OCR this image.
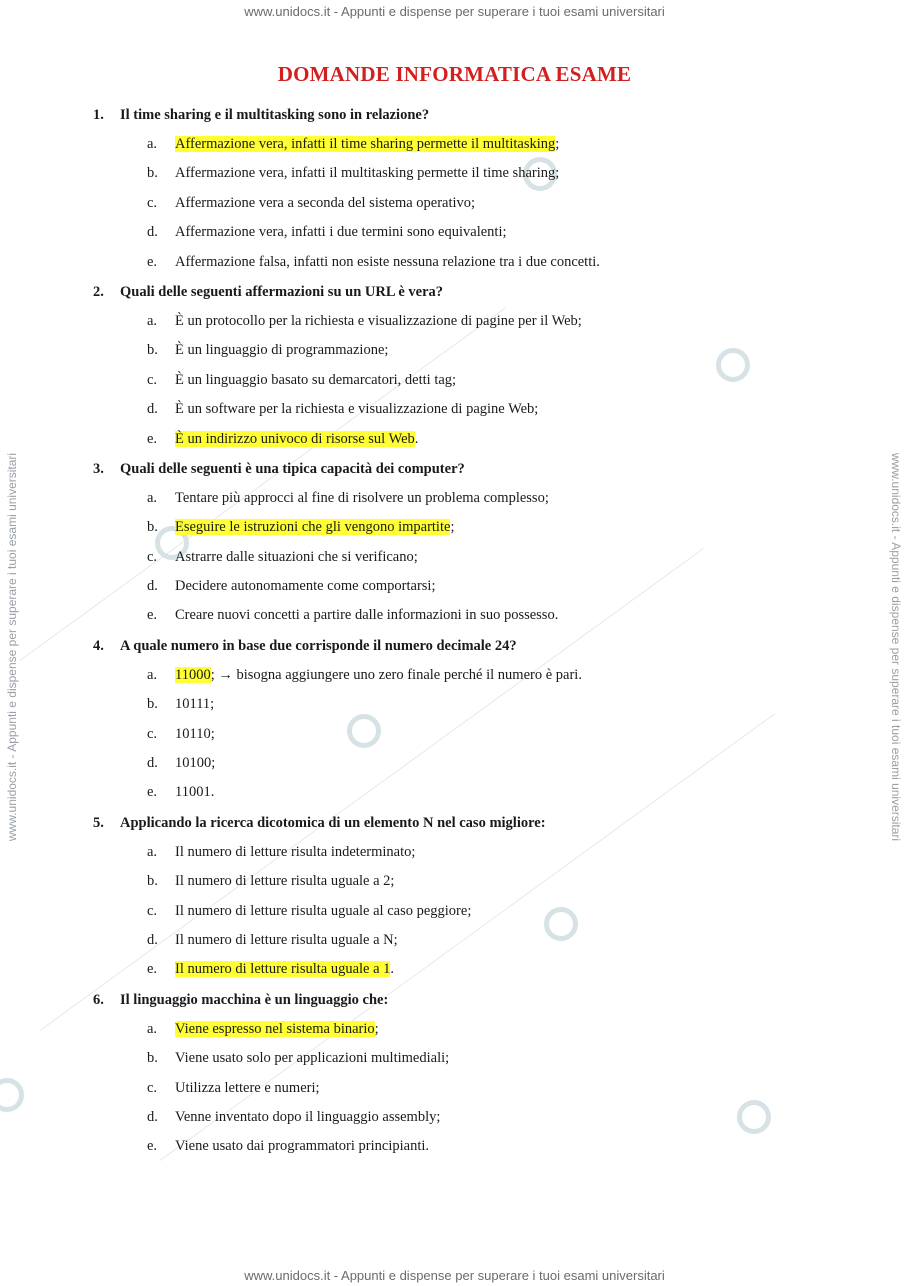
www.unidocs.it - Appunti e dispense per superare i tuoi esami universitari
www.unidocs.it - Appunti e dispense per superare i tuoi esami universitari
www.unidocs.it - Appunti e dispense per superare i tuoi esami universitari	www.unidocs.it - Appunti e dispense per superare i tuoi esami universitari
DOMANDE INFORMATICA ESAME
1. Il time sharing e il multitasking sono in relazione?
a. Affermazione vera, infatti il time sharing permette il multitasking;
b. Affermazione vera, infatti il multitasking permette il time sharing;
c. Affermazione vera a seconda del sistema operativo;
d. Affermazione vera, infatti i due termini sono equivalenti;
e. Affermazione falsa, infatti non esiste nessuna relazione tra i due concetti.
2. Quali delle seguenti affermazioni su un URL è vera?
a. È un protocollo per la richiesta e visualizzazione di pagine per il Web;
b. È un linguaggio di programmazione;
c. È un linguaggio basato su demarcatori, detti tag;
d. È un software per la richiesta e visualizzazione di pagine Web;
e. È un indirizzo univoco di risorse sul Web.
3. Quali delle seguenti è una tipica capacità dei computer?
a. Tentare più approcci al fine di risolvere un problema complesso;
b. Eseguire le istruzioni che gli vengono impartite;
c. Astrarre dalle situazioni che si verificano;
d. Decidere autonomamente come comportarsi;
e. Creare nuovi concetti a partire dalle informazioni in suo possesso.
4. A quale numero in base due corrisponde il numero decimale 24?
a. 11000; → bisogna aggiungere uno zero finale perché il numero è pari.
b. 10111;
c. 10110;
d. 10100;
e. 11001.
5. Applicando la ricerca dicotomica di un elemento N nel caso migliore:
a. Il numero di letture risulta indeterminato;
b. Il numero di letture risulta uguale a 2;
c. Il numero di letture risulta uguale al caso peggiore;
d. Il numero di letture risulta uguale a N;
e. Il numero di letture risulta uguale a 1.
6. Il linguaggio macchina è un linguaggio che:
a. Viene espresso nel sistema binario;
b. Viene usato solo per applicazioni multimediali;
c. Utilizza lettere e numeri;
d. Venne inventato dopo il linguaggio assembly;
e. Viene usato dai programmatori principianti.
